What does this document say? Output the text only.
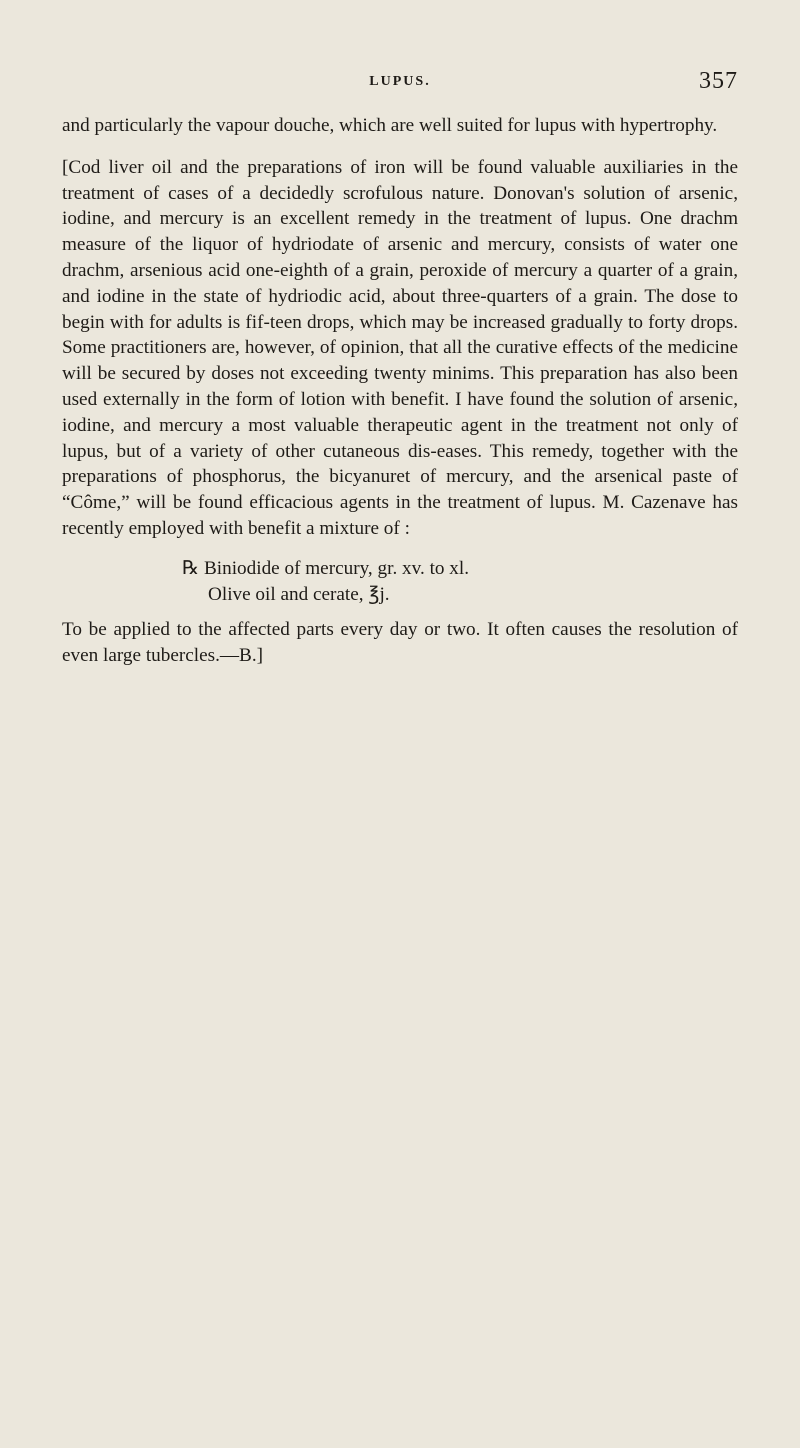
LUPUS.	357

and particularly the vapour douche, which are well suited for lupus with hypertrophy.

[Cod liver oil and the preparations of iron will be found valuable auxiliaries in the treatment of cases of a decidedly scrofulous nature. Donovan's solution of arsenic, iodine, and mercury is an excellent remedy in the treatment of lupus. One drachm measure of the liquor of hydriodate of arsenic and mercury, consists of water one drachm, arsenious acid one-eighth of a grain, peroxide of mercury a quarter of a grain, and iodine in the state of hydriodic acid, about three-quarters of a grain. The dose to begin with for adults is fif-teen drops, which may be increased gradually to forty drops. Some practitioners are, however, of opinion, that all the curative effects of the medicine will be secured by doses not exceeding twenty minims. This preparation has also been used externally in the form of lotion with benefit. I have found the solution of arsenic, iodine, and mercury a most valuable therapeutic agent in the treatment not only of lupus, but of a variety of other cutaneous dis-eases. This remedy, together with the preparations of phosphorus, the bicyanuret of mercury, and the arsenical paste of “Côme,” will be found efficacious agents in the treatment of lupus. M. Cazenave has recently employed with benefit a mixture of :

℞ Biniodide of mercury, gr. xv. to xl.
Olive oil and cerate, ℥j.

To be applied to the affected parts every day or two. It often causes the resolution of even large tubercles.—B.]
